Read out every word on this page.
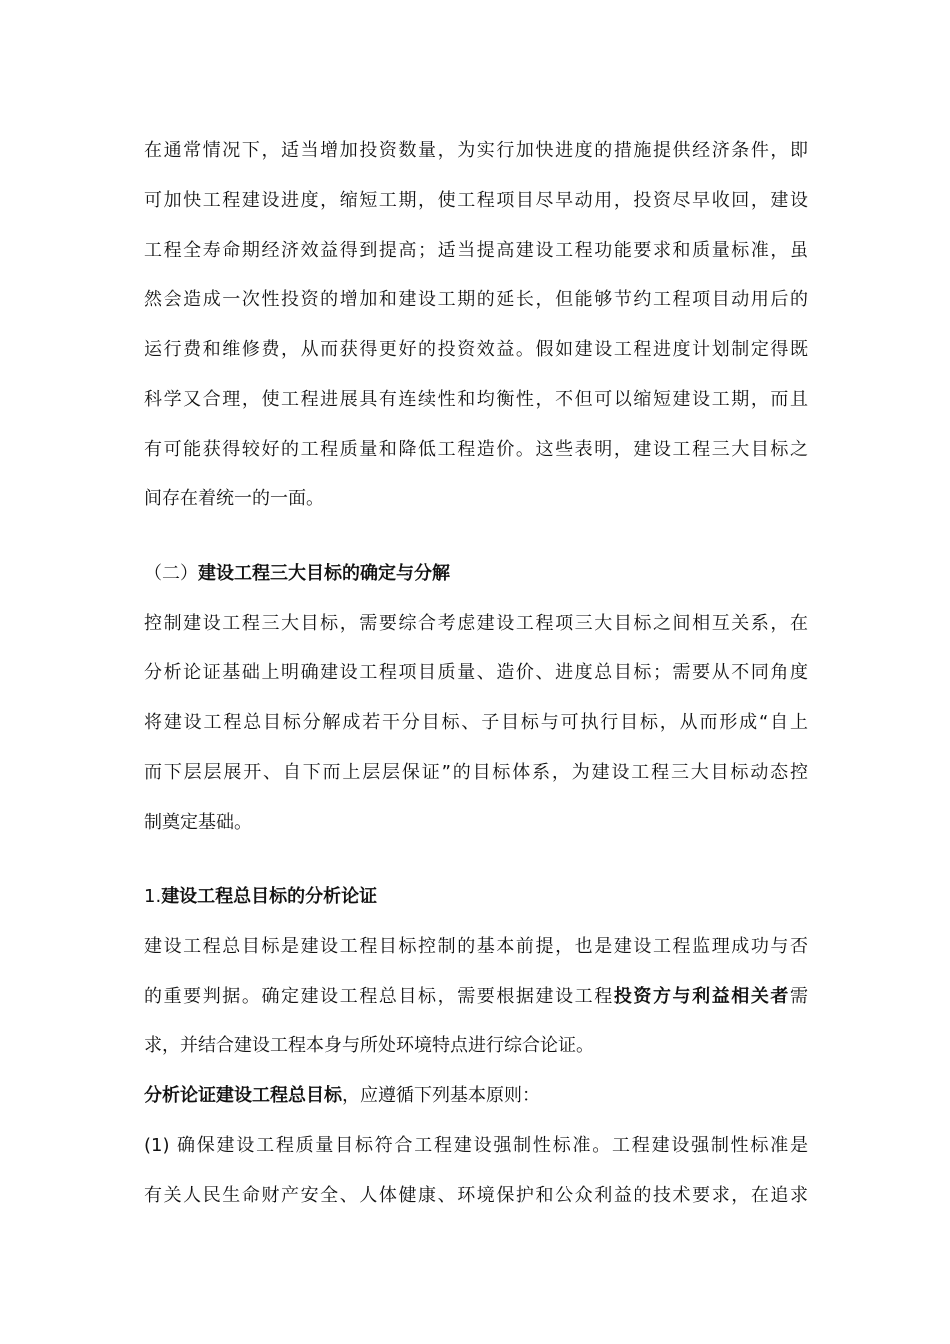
在通常情况下，适当增加投资数量，为实行加快进度的措施提供经济条件，即
可加快工程建设进度，缩短工期，使工程项目尽早动用，投资尽早收回，建设
工程全寿命期经济效益得到提高；适当提高建设工程功能要求和质量标准，虽
然会造成一次性投资的增加和建设工期的延长，但能够节约工程项目动用后的
运行费和维修费，从而获得更好的投资效益。假如建设工程进度计划制定得既
科学又合理，使工程进展具有连续性和均衡性，不但可以缩短建设工期，而且
有可能获得较好的工程质量和降低工程造价。这些表明，建设工程三大目标之
间存在着统一的一面。
（二）建设工程三大目标的确定与分解
控制建设工程三大目标，需要综合考虑建设工程项三大目标之间相互关系，在
分析论证基础上明确建设工程项目质量、造价、进度总目标；需要从不同角度
将建设工程总目标分解成若干分目标、子目标与可执行目标，从而形成“自上
而下层层展开、自下而上层层保证”的目标体系，为建设工程三大目标动态控
制奠定基础。
1.建设工程总目标的分析论证
建设工程总目标是建设工程目标控制的基本前提，也是建设工程监理成功与否
的重要判据。确定建设工程总目标，需要根据建设工程投资方与利益相关者需
求，并结合建设工程本身与所处环境特点进行综合论证。
分析论证建设工程总目标，应遵循下列基本原则：
(1) 确保建设工程质量目标符合工程建设强制性标准。工程建设强制性标准是
有关人民生命财产安全、人体健康、环境保护和公众利益的技术要求，在追求
